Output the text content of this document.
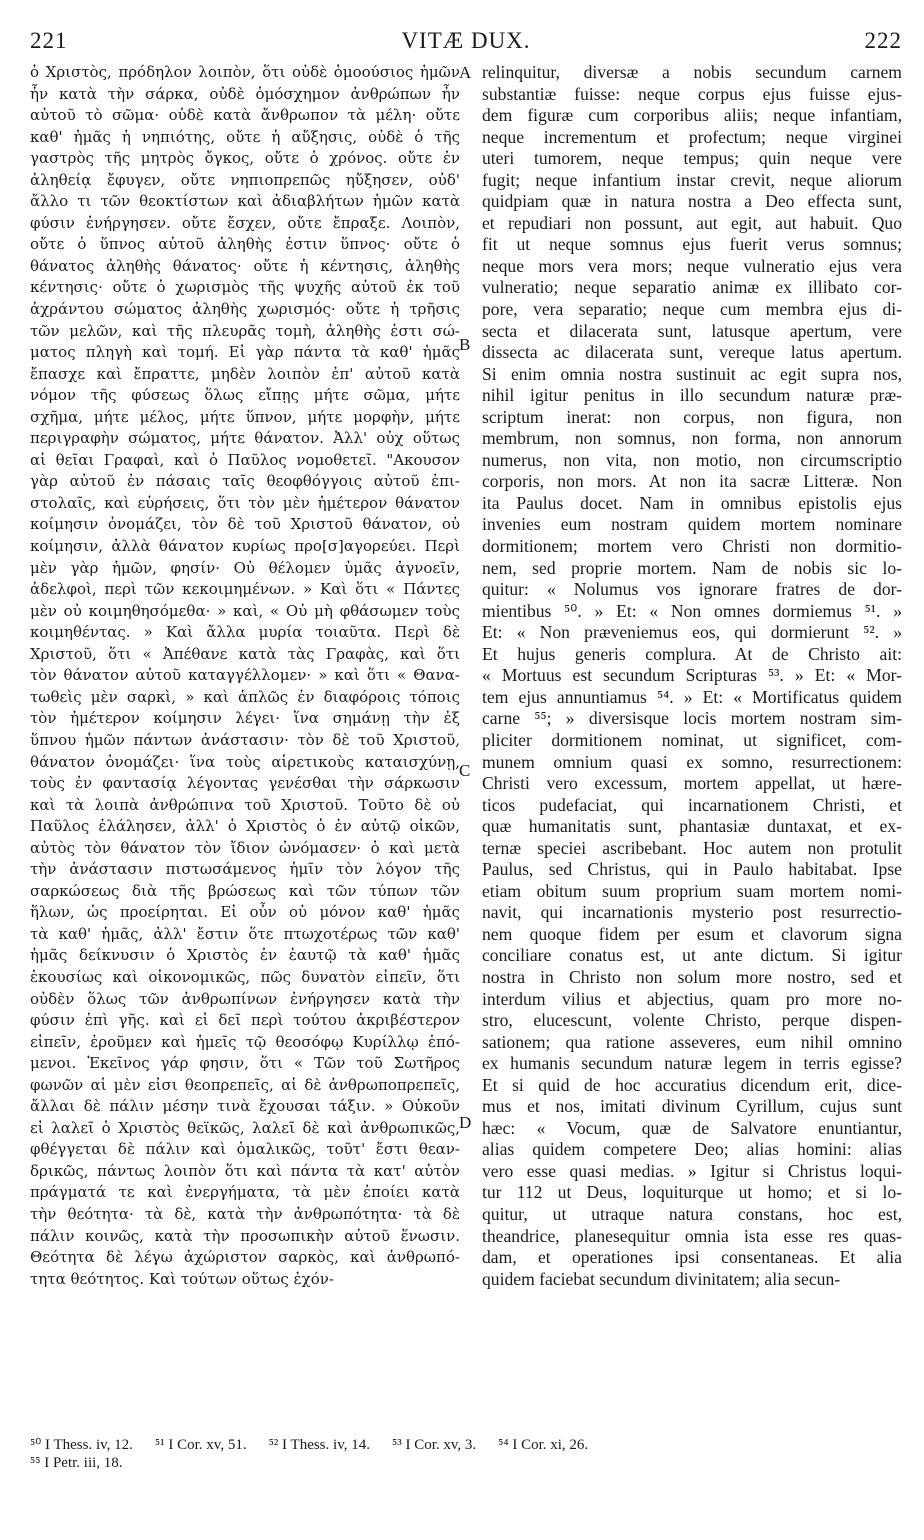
221	VITÆ DUX.	222
ὁ Χριστὸς, πρόδηλον λοιπὸν, ὅτι οὐδὲ ὁμοούσιος ἡμῶν
ἦν κατὰ τὴν σάρκα, οὐδὲ ὁμόσχημον ἀνθρώπων ἦν
αὐτοῦ τὸ σῶμα· οὐδὲ κατὰ ἄνθρωπον τὰ μέλη· οὔτε
καθ' ἡμᾶς ἡ νηπιότης, οὔτε ἡ αὔξησις, οὐδὲ ὁ τῆς
γαστρὸς τῆς μητρὸς ὄγκος, οὔτε ὁ χρόνος. οὔτε ἐν
ἀληθείᾳ ἔφυγεν, οὔτε νηπιοπρεπῶς ηὔξησεν, οὐδ'
ἄλλο τι τῶν θεοκτίστων καὶ ἀδιαβλήτων ἡμῶν κατὰ
φύσιν ἐνήργησεν. οὔτε ἔσχεν, οὔτε ἔπραξε. Λοιπὸν,
οὔτε ὁ ὕπνος αὐτοῦ ἀληθὴς ἐστιν ὕπνος· οὔτε ὁ
θάνατος ἀληθὴς θάνατος· οὔτε ἡ κέντησις, ἀληθὴς
κέντησις· οὔτε ὁ χωρισμὸς τῆς ψυχῆς αὐτοῦ ἐκ τοῦ
ἀχράντου σώματος ἀληθὴς χωρισμός· οὔτε ἡ τρῆσις
τῶν μελῶν, καὶ τῆς πλευρᾶς τομὴ, ἀληθὴς ἐστι σώ-
ματος πληγὴ καὶ τομή. Εἰ γὰρ πάντα τὰ καθ' ἡμᾶς
ἔπασχε καὶ ἔπραττε, μηδὲν λοιπὸν ἐπ' αὐτοῦ κατὰ
νόμον τῆς φύσεως ὅλως εἴπῃς μήτε σῶμα, μήτε
σχῆμα, μήτε μέλος, μήτε ὕπνον, μήτε μορφὴν, μήτε
περιγραφὴν σώματος, μήτε θάνατον. Ἀλλ' οὐχ οὕτως
αἱ θεῖαι Γραφαὶ, καὶ ὁ Παῦλος νομοθετεῖ. "Ακουσον
γὰρ αὐτοῦ ἐν πάσαις ταῖς θεοφθόγγοις αὐτοῦ ἐπι-
στολαῖς, καὶ εὑρήσεις, ὅτι τὸν μὲν ἡμέτερον θάνατον
κοίμησιν ὀνομάζει, τὸν δὲ τοῦ Χριστοῦ θάνατον, οὐ
κοίμησιν, ἀλλὰ θάνατον κυρίως προ[σ]αγορεύει. Περὶ
μὲν γὰρ ἡμῶν, φησίν· Οὐ θέλομεν ὑμᾶς ἀγνοεῖν,
ἀδελφοὶ, περὶ τῶν κεκοιμημένων. » Καὶ ὅτι « Πάντες
μὲν οὐ κοιμηθησόμεθα· » καὶ, « Οὐ μὴ φθάσωμεν τοὺς
κοιμηθέντας. » Καὶ ἄλλα μυρία τοιαῦτα. Περὶ δὲ
Χριστοῦ, ὅτι « Ἀπέθανε κατὰ τὰς Γραφὰς, καὶ ὅτι
τὸν θάνατον αὐτοῦ καταγγέλλομεν· » καὶ ὅτι « Θανα-
τωθεὶς μὲν σαρκὶ, » καὶ ἁπλῶς ἐν διαφόροις τόποις
τὸν ἡμέτερον κοίμησιν λέγει· ἵνα σημάνῃ τὴν ἐξ
ὕπνου ἡμῶν πάντων ἀνάστασιν· τὸν δὲ τοῦ Χριστοῦ,
θάνατον ὀνομάζει· ἵνα τοὺς αἱρετικοὺς καταισχύνῃ,
τοὺς ἐν φαντασίᾳ λέγοντας γενέσθαι τὴν σάρκωσιν
καὶ τὰ λοιπὰ ἀνθρώπινα τοῦ Χριστοῦ. Τοῦτο δὲ οὐ
Παῦλος ἐλάλησεν, ἀλλ' ὁ Χριστὸς ὁ ἐν αὐτῷ οἰκῶν,
αὐτὸς τὸν θάνατον τὸν ἴδιον ὠνόμασεν· ὁ καὶ μετὰ
τὴν ἀνάστασιν πιστωσάμενος ἡμῖν τὸν λόγον τῆς
σαρκώσεως διὰ τῆς βρώσεως καὶ τῶν τύπων τῶν
ἥλων, ὡς προείρηται. Εἰ οὖν οὐ μόνον καθ' ἡμᾶς
τὰ καθ' ἡμᾶς, ἀλλ' ἔστιν ὅτε πτωχοτέρως τῶν καθ'
ἡμᾶς δείκνυσιν ὁ Χριστὸς ἐν ἑαυτῷ τὰ καθ' ἡμᾶς
ἑκουσίως καὶ οἰκονομικῶς, πῶς δυνατὸν εἰπεῖν, ὅτι
οὐδὲν ὅλως τῶν ἀνθρωπίνων ἐνήργησεν κατὰ τὴν
φύσιν ἐπὶ γῆς. καὶ εἰ δεῖ περὶ τούτου ἀκριβέστερον
εἰπεῖν, ἐροῦμεν καὶ ἡμεῖς τῷ θεοσόφῳ Κυρίλλῳ ἑπό-
μενοι. Ἐκεῖνος γάρ φησιν, ὅτι « Τῶν τοῦ Σωτῆρος
φωνῶν αἱ μὲν εἰσι θεοπρεπεῖς, αἱ δὲ ἀνθρωποπρεπεῖς,
ἄλλαι δὲ πάλιν μέσην τινὰ ἔχουσαι τάξιν. » Οὐκοῦν
εἰ λαλεῖ ὁ Χριστὸς θεϊκῶς, λαλεῖ δὲ καὶ ἀνθρωπικῶς,
φθέγγεται δὲ πάλιν καὶ ὁμαλικῶς, τοῦτ' ἔστι θεαν-
δρικῶς, πάντως λοιπὸν ὅτι καὶ πάντα τὰ κατ' αὐτὸν
πράγματά τε καὶ ἐνεργήματα, τὰ μὲν ἐποίει κατὰ
τὴν θεότητα· τὰ δὲ, κατὰ τὴν ἀνθρωπότητα· τὰ δὲ
πάλιν κοινῶς, κατὰ τὴν προσωπικὴν αὐτοῦ ἕνωσιν.
Θεότητα δὲ λέγω ἀχώριστον σαρκὸς, καὶ ἀνθρωπό-
τητα θεότητος. Καὶ τούτων οὕτως ἐχόν-
relinquitur, diversæ a nobis secundum carnem
substantiæ fuisse: neque corpus ejus fuisse ejus-
dem figuræ cum corporibus aliis; neque infantiam,
neque incrementum et profectum; neque virginei
uteri tumorem, neque tempus; quin neque vere
fugit; neque infantium instar crevit, neque aliorum
quidpiam quæ in natura nostra a Deo effecta sunt,
et repudiari non possunt, aut egit, aut habuit. Quo
fit ut neque somnus ejus fuerit verus somnus;
neque mors vera mors; neque vulneratio ejus vera
vulneratio; neque separatio animæ ex illibato cor-
pore, vera separatio; neque cum membra ejus di-
secta et dilacerata sunt, latusque apertum, vere
dissecta ac dilacerata sunt, vereque latus apertum.
Si enim omnia nostra sustinuit ac egit supra nos,
nihil igitur penitus in illo secundum naturæ præ-
scriptum inerat: non corpus, non figura, non
membrum, non somnus, non forma, non annorum
numerus, non vita, non motio, non circumscriptio
corporis, non mors. At non ita sacræ Litteræ. Non
ita Paulus docet. Nam in omnibus epistolis ejus
invenies eum nostram quidem mortem nominare
dormitionem; mortem vero Christi non dormitio-
nem, sed proprie mortem. Nam de nobis sic lo-
quitur: « Nolumus vos ignorare fratres de dor-
mientibus ⁵⁰. » Et: « Non omnes dormiemus ⁵¹. »
Et: « Non præveniemus eos, qui dormierunt ⁵². »
Et hujus generis complura. At de Christo ait:
« Mortuus est secundum Scripturas ⁵³. » Et: « Mor-
tem ejus annuntiamus ⁵⁴. » Et: « Mortificatus quidem
carne ⁵⁵; » diversisque locis mortem nostram sim-
pliciter dormitionem nominat, ut significet, com-
munem omnium quasi ex somno, resurrectionem:
Christi vero excessum, mortem appellat, ut hære-
ticos pudefaciat, qui incarnationem Christi, et
quæ humanitatis sunt, phantasiæ duntaxat, et ex-
ternæ speciei ascribebant. Hoc autem non protulit
Paulus, sed Christus, qui in Paulo habitabat. Ipse
etiam obitum suum proprium suam mortem nomi-
navit, qui incarnationis mysterio post resurrectio-
nem quoque fidem per esum et clavorum signa
conciliare conatus est, ut ante dictum. Si igitur
nostra in Christo non solum more nostro, sed et
interdum vilius et abjectius, quam pro more no-
stro, elucescunt, volente Christo, perque dispen-
sationem; qua ratione asseveres, eum nihil omnino
ex humanis secundum naturæ legem in terris egisse?
Et si quid de hoc accuratius dicendum erit, dice-
mus et nos, imitati divinum Cyrillum, cujus sunt
hæc: « Vocum, quæ de Salvatore enuntiantur,
alias quidem competere Deo; alias homini: alias
vero esse quasi medias. » Igitur si Christus loqui-
tur 112 ut Deus, loquiturque ut homo; et si lo-
quitur, ut utraque natura constans, hoc est,
theandrice, planesequitur omnia ista esse res quas-
dam, et operationes ipsi consentaneas. Et alia
quidem faciebat secundum divinitatem; alia secun-
A
B
C
D
⁵⁰ I Thess. iv, 12. ⁵¹ I Cor. xv, 51. ⁵² I Thess. iv, 14. ⁵³ I Cor. xv, 3. ⁵⁴ I Cor. xi, 26.
⁵⁵ I Petr. iii, 18.
